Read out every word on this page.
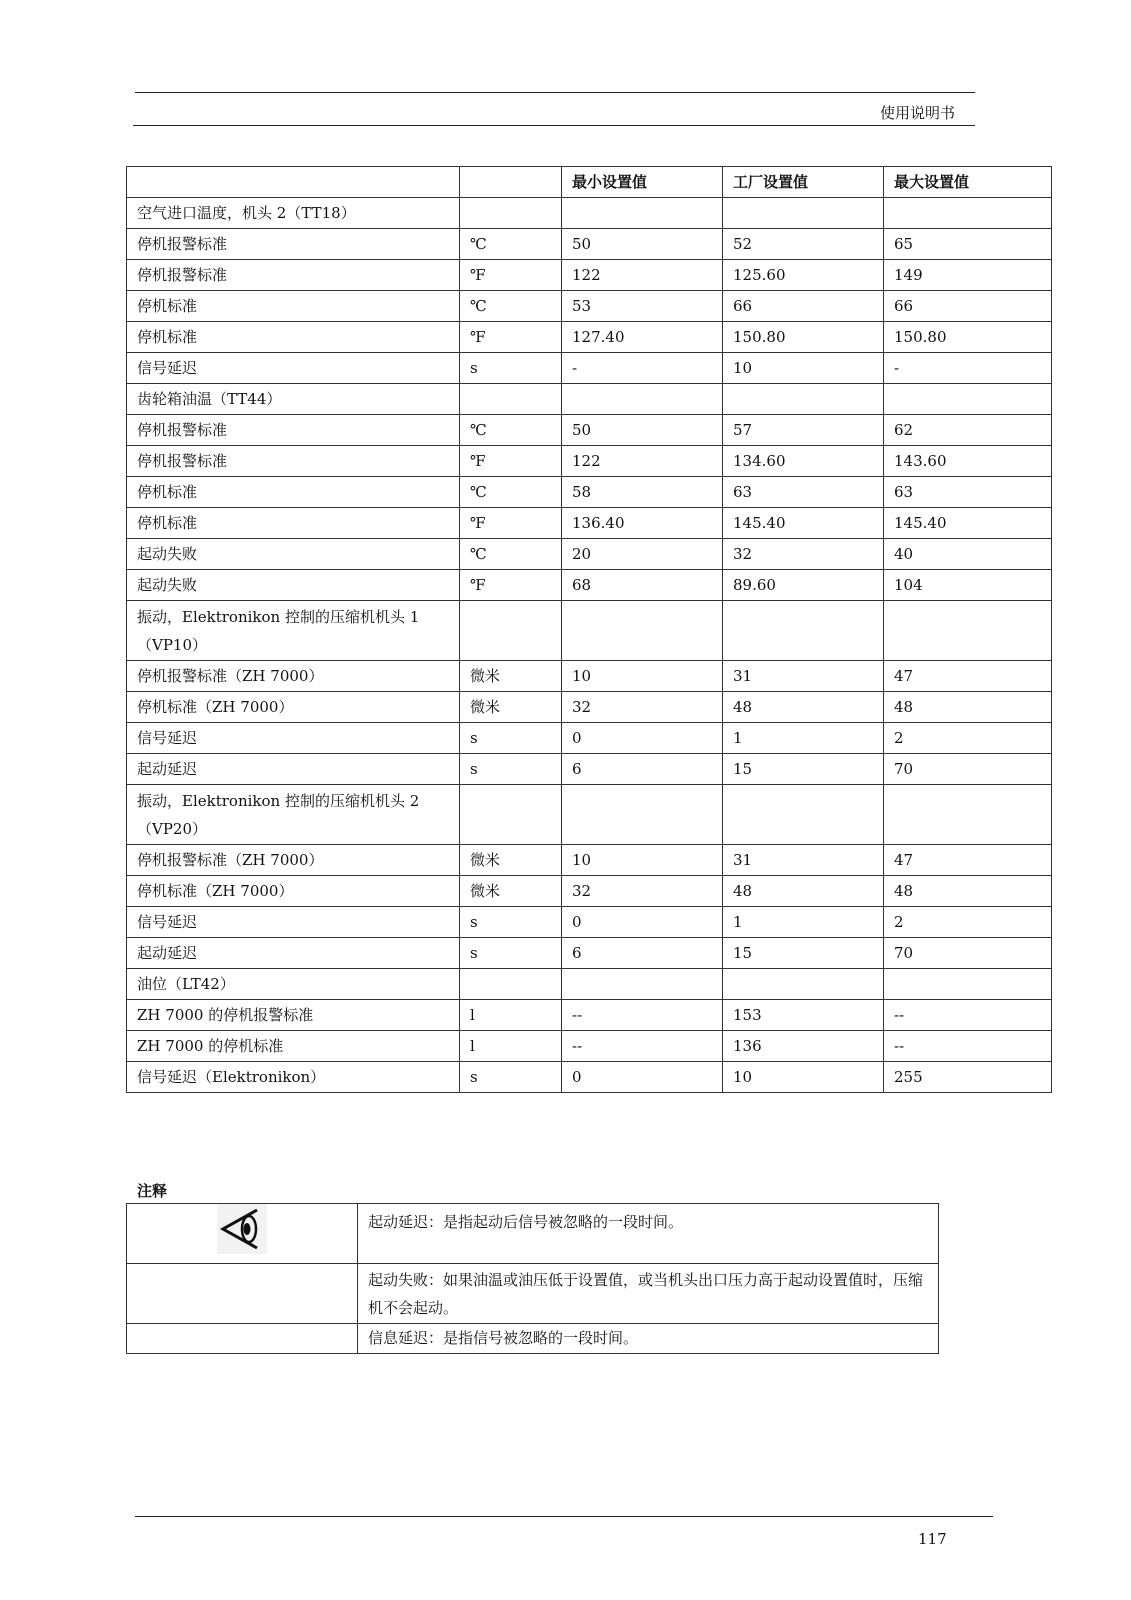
使用说明书
		最小设置值	工厂设置值	最大设置值
空气进口温度，机头 2（TT18）				
停机报警标准	℃	50	52	65
停机报警标准	℉	122	125.60	149
停机标准	℃	53	66	66
停机标准	℉	127.40	150.80	150.80
信号延迟	s	-	10	-
齿轮箱油温（TT44）				
停机报警标准	℃	50	57	62
停机报警标准	℉	122	134.60	143.60
停机标准	℃	58	63	63
停机标准	℉	136.40	145.40	145.40
起动失败	℃	20	32	40
起动失败	℉	68	89.60	104
振动，Elektronikon 控制的压缩机机头 1（VP10）				
停机报警标准（ZH 7000）	微米	10	31	47
停机标准（ZH 7000）	微米	32	48	48
信号延迟	s	0	1	2
起动延迟	s	6	15	70
振动，Elektronikon 控制的压缩机机头 2（VP20）				
停机报警标准（ZH 7000）	微米	10	31	47
停机标准（ZH 7000）	微米	32	48	48
信号延迟	s	0	1	2
起动延迟	s	6	15	70
油位（LT42）				
ZH 7000 的停机报警标准	l	--	153	--
ZH 7000 的停机标准	l	--	136	--
信号延迟（Elektronikon）	s	0	10	255
注释
	起动延迟：是指起动后信号被忽略的一段时间。
	起动失败：如果油温或油压低于设置值，或当机头出口压力高于起动设置值时，压缩机不会起动。
	信息延迟：是指信号被忽略的一段时间。
117
